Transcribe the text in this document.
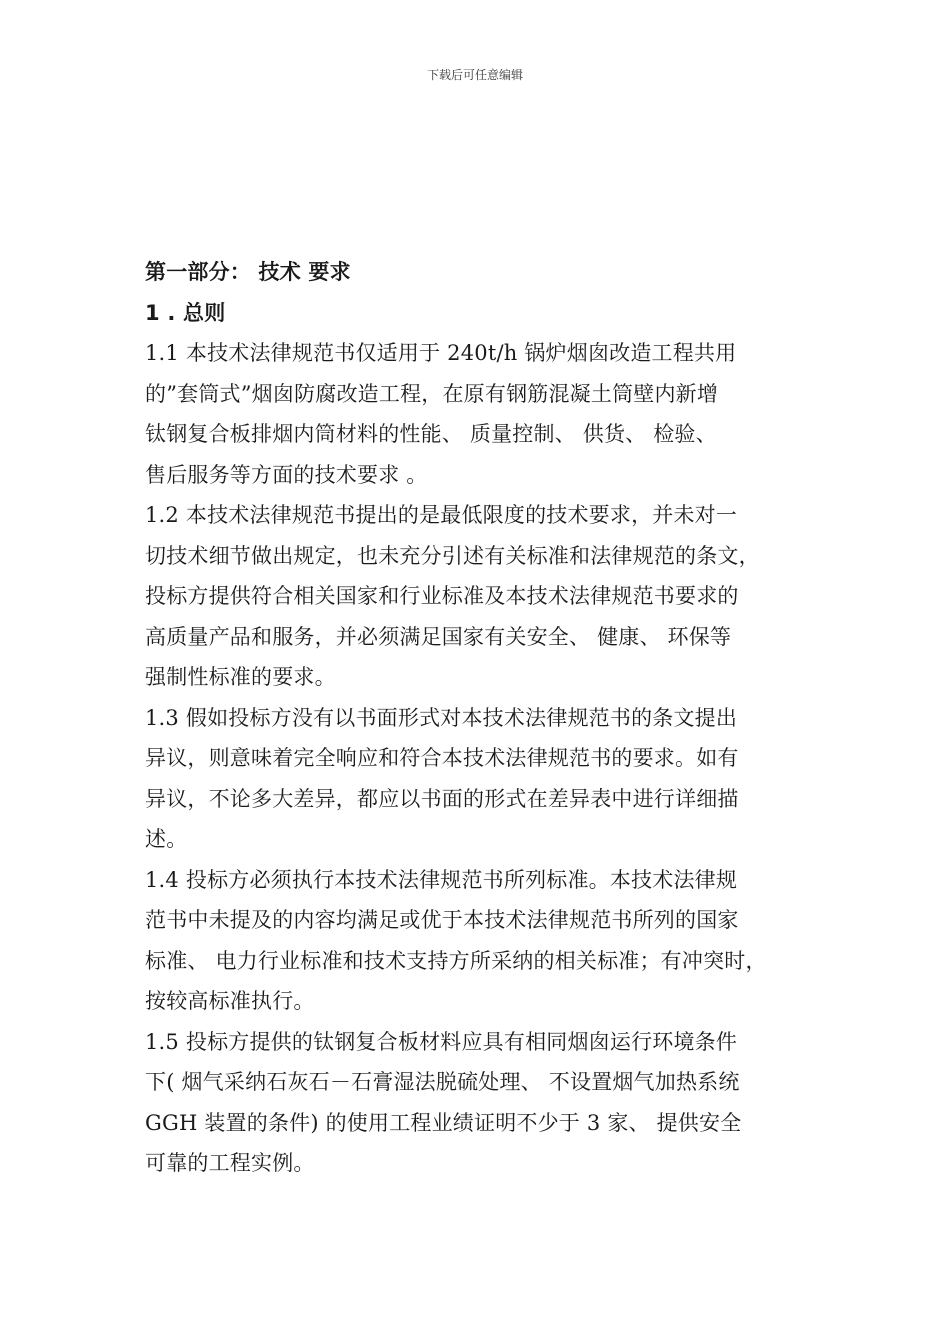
下载后可任意编辑
第一部分： 技术 要求
1 . 总则
1.1 本技术法律规范书仅适用于 240t/h 锅炉烟囱改造工程共用
的”套筒式”烟囱防腐改造工程，在原有钢筋混凝土筒壁内新增
钛钢复合板排烟内筒材料的性能、 质量控制、 供货、 检验、
售后服务等方面的技术要求 。
1.2 本技术法律规范书提出的是最低限度的技术要求，并未对一
切技术细节做出规定，也未充分引述有关标准和法律规范的条文，
投标方提供符合相关国家和行业标准及本技术法律规范书要求的
高质量产品和服务，并必须满足国家有关安全、 健康、 环保等
强制性标准的要求。
1.3 假如投标方没有以书面形式对本技术法律规范书的条文提出
异议，则意味着完全响应和符合本技术法律规范书的要求。如有
异议，不论多大差异，都应以书面的形式在差异表中进行详细描
述。
1.4 投标方必须执行本技术法律规范书所列标准。本技术法律规
范书中未提及的内容均满足或优于本技术法律规范书所列的国家
标准、 电力行业标准和技术支持方所采纳的相关标准；有冲突时，
按较高标准执行。
1.5 投标方提供的钛钢复合板材料应具有相同烟囱运行环境条件
下( 烟气采纳石灰石－石膏湿法脱硫处理、 不设置烟气加热系统
GGH 装置的条件) 的使用工程业绩证明不少于 3 家、 提供安全
可靠的工程实例。
